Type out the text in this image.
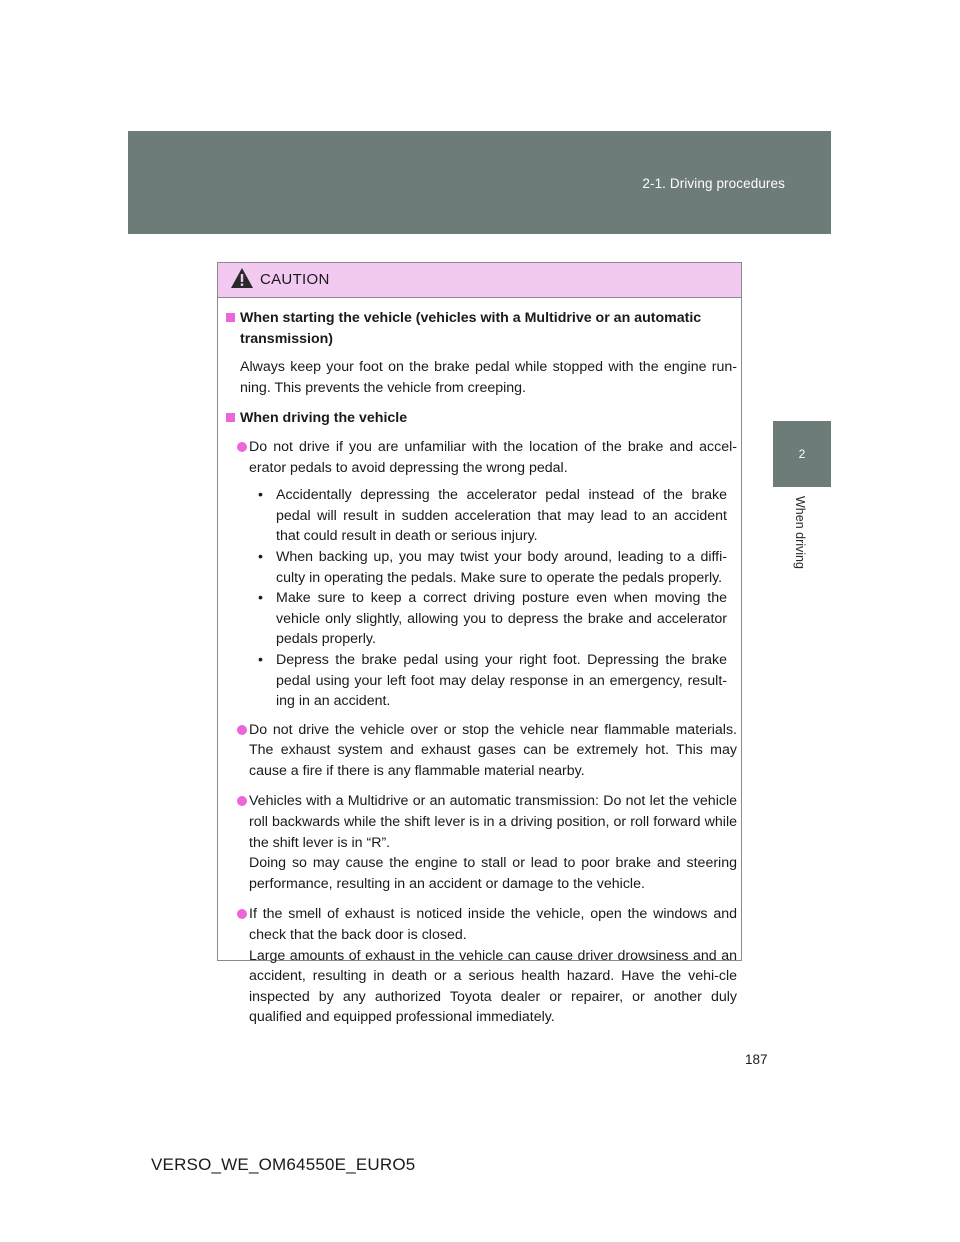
2-1. Driving procedures
2
When driving
CAUTION
When starting the vehicle (vehicles with a Multidrive or an automatic transmission)
Always keep your foot on the brake pedal while stopped with the engine run-ning. This prevents the vehicle from creeping.
When driving the vehicle
Do not drive if you are unfamiliar with the location of the brake and accel-erator pedals to avoid depressing the wrong pedal.
• Accidentally depressing the accelerator pedal instead of the brake pedal will result in sudden acceleration that may lead to an accident that could result in death or serious injury.
• When backing up, you may twist your body around, leading to a diffi-culty in operating the pedals. Make sure to operate the pedals properly.
• Make sure to keep a correct driving posture even when moving the vehicle only slightly, allowing you to depress the brake and accelerator pedals properly.
• Depress the brake pedal using your right foot. Depressing the brake pedal using your left foot may delay response in an emergency, result-ing in an accident.
Do not drive the vehicle over or stop the vehicle near flammable materials. The exhaust system and exhaust gases can be extremely hot. This may cause a fire if there is any flammable material nearby.
Vehicles with a Multidrive or an automatic transmission: Do not let the vehicle roll backwards while the shift lever is in a driving position, or roll forward while the shift lever is in “R”.
Doing so may cause the engine to stall or lead to poor brake and steering performance, resulting in an accident or damage to the vehicle.
If the smell of exhaust is noticed inside the vehicle, open the windows and check that the back door is closed.
Large amounts of exhaust in the vehicle can cause driver drowsiness and an accident, resulting in death or a serious health hazard. Have the vehi-cle inspected by any authorized Toyota dealer or repairer, or another duly qualified and equipped professional immediately.
187
VERSO_WE_OM64550E_EURO5
